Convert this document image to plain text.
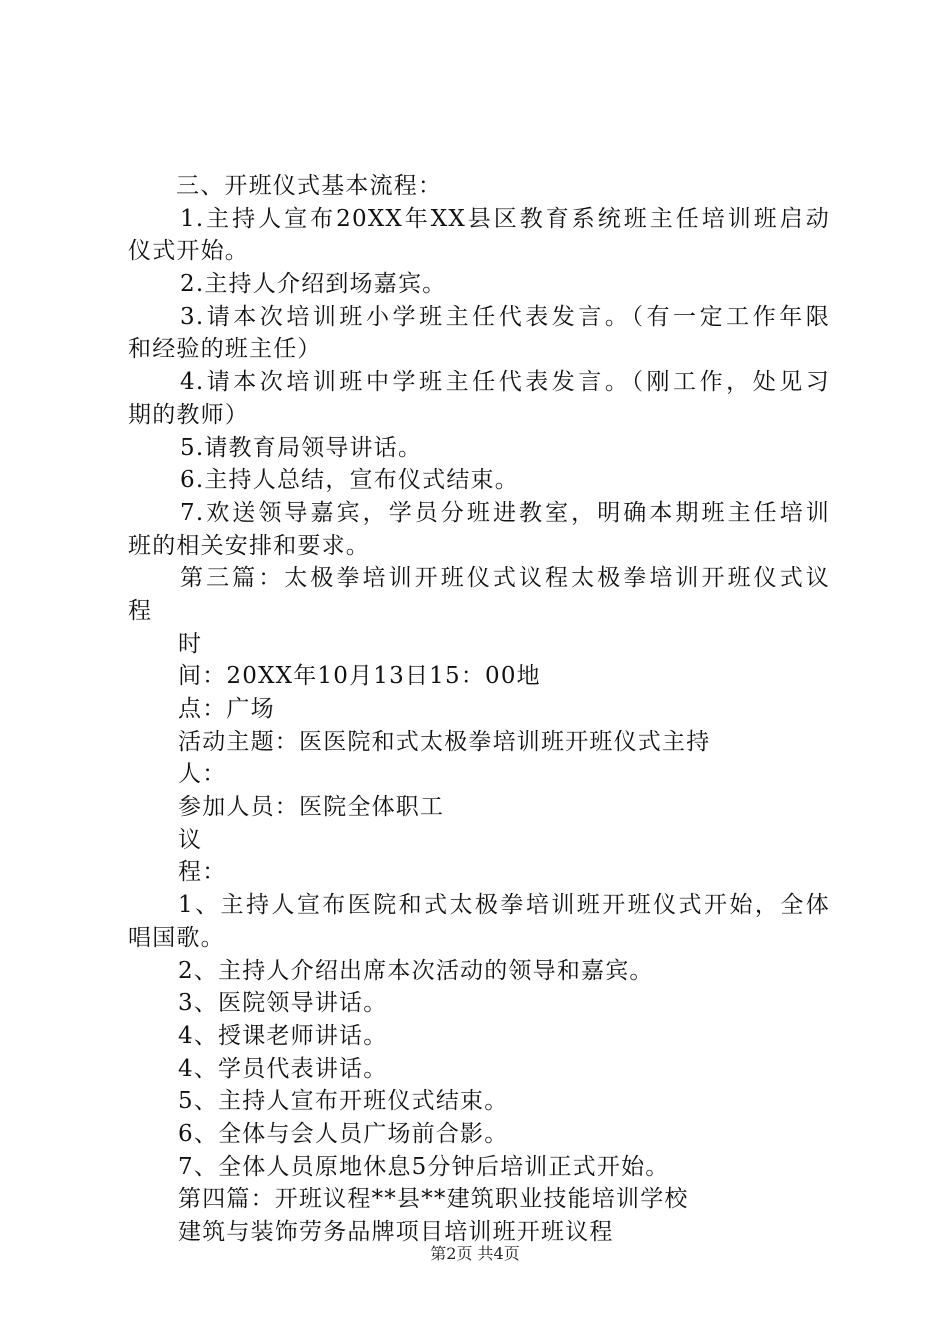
三、开班仪式基本流程：
1.主持人宣布20XX年XX县区教育系统班主任培训班启动
仪式开始。
2.主持人介绍到场嘉宾。
3.请本次培训班小学班主任代表发言。（有一定工作年限
和经验的班主任）
4.请本次培训班中学班主任代表发言。（刚工作，处见习
期的教师）
5.请教育局领导讲话。
6.主持人总结，宣布仪式结束。
7.欢送领导嘉宾，学员分班进教室，明确本期班主任培训
班的相关安排和要求。
第三篇：太极拳培训开班仪式议程太极拳培训开班仪式议
程
时
间：20XX年10月13日15：00地
点：广场
活动主题：医医院和式太极拳培训班开班仪式主持
人：
参加人员：医院全体职工
议
程：
1、主持人宣布医院和式太极拳培训班开班仪式开始，全体
唱国歌。
2、主持人介绍出席本次活动的领导和嘉宾。
3、医院领导讲话。
4、授课老师讲话。
4、学员代表讲话。
5、主持人宣布开班仪式结束。
6、全体与会人员广场前合影。
7、全体人员原地休息5分钟后培训正式开始。
第四篇：开班议程**县**建筑职业技能培训学校
建筑与装饰劳务品牌项目培训班开班议程
第2页 共4页
